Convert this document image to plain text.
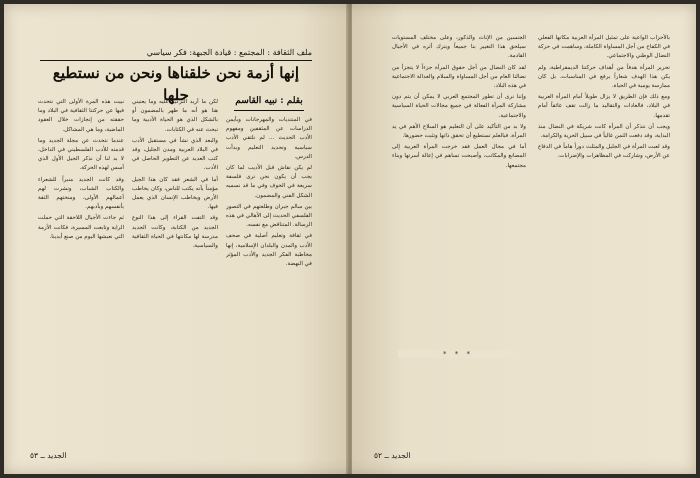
ملف الثقافة : المجتمع : قيادة الجبهة: فكر سياسي
إنها أزمة نحن خلقناها ونحن من نستطيع حلها	بقلم : نبيه القاسم

في المنتديات والمهرجانات وبأيمن الدراسات عن المثقفين ومفهوم الأدب الحديث ... لم نلتقي الأدب سياسية وتحديد التعليم وبدأت الدرس.

لم يكن نقاش قبل الأديب لما كان يجب أن يكون نحن نرى فلسفة سريعة في الخوف وفي ما قد نسميه الشكل الفني والمضمون.

بين سالم جبران وطلعتهم في التصور الفلسفي الحديث إلى الأهالي في هذه الرسالة. المتناقض مع نفسه.

في ثقافة وتعليم أصلية في صحف الأدب والمدن والبلدان الإسلامية، إنها مخاطبة الفكر الجديد والأدب المؤثر في النهضة.

لكن ما أريد التركيز عليه وما يعنيني هنا هو أنه ما ظهر بالمضمون أو بالشكل الذي هو الحياة الأدبية وما نبحث عنه في الكتابات.

والبعد الذي نشأ في مستقبل الأدب في البلاد العربية ومدن الجليل، وقد كتب العديد عن التطوير الحاصل في الأدب.

أما في الشعر فقد كان هذا الجيل مؤمناً بأنه يكتب للناس، وكان يخاطب الأرض ويخاطب الإنسان الذي يعمل فيها.

وقد التفت القراء إلى هذا النوع الجديد من الكتابة، وكانت الجديد مدرسة لها مكانتها في الحياة الثقافية والسياسية.

نبيت هذه المرة الأولى التي نتحدث فيها عن حركتنا الثقافية في البلاد وما حققته من إنجازات خلال العقود الماضية، وما هي المشاكل.

عندما نتحدث عن مجلة الجديد وما قدمته للأدب الفلسطيني في الداخل، لا بد لنا أن نذكر الجيل الأول الذي أسس لهذه الحركة.

وقد كانت الجديد منبراً للشعراء والكتاب الشباب، ونشرت لهم أعمالهم الأولى، ومنحتهم الثقة بأنفسهم وبأدبهم.

ثم جاءت الأجيال اللاحقة التي حملت الراية وتابعت المسيرة، فكانت الأزمة التي نعيشها اليوم من صنع أيدينا.

الجديد ــ ٥٣

بالأحزاب الواعية على تمثيل المرأة العربية مكانها الفعلي في الكفاح من أجل المساواة الكاملة، وساهمت في حركة النضال الوطني والاجتماعي.

تحرير المرأة هدفاً من أهداف حركتنا الديمقراطية، ولم يكن هذا الهدف شعاراً يرفع في المناسبات، بل كان ممارسة يومية في الحياة.

ومع ذلك فإن الطريق لا يزال طويلاً أمام المرأة العربية في البلاد، فالعادات والتقاليد ما زالت تقف عائقاً أمام تقدمها.

ويجب أن نتذكر أن المرأة كانت شريكة في النضال منذ البداية، وقد دفعت الثمن غالياً في سبيل الحرية والكرامة.

وقد لعبت المرأة في الجليل والمثلث دوراً هاماً في الدفاع عن الأرض، وشاركت في المظاهرات والإضرابات.

الجنسين من الإناث والذكور، وعلى مختلف المستويات سيلحق هذا التغيير بنا جميعاً ويترك أثره في الأجيال القادمة.

لقد كان النضال من أجل حقوق المرأة جزءاً لا يتجزأ من نضالنا العام من أجل المساواة والسلام والعدالة الاجتماعية في هذه البلاد.

وإننا نرى أن تطور المجتمع العربي لا يمكن أن يتم دون مشاركة المرأة الفعالة في جميع مجالات الحياة السياسية والاجتماعية.

ولا بد من التأكيد على أن التعليم هو السلاح الأهم في يد المرأة، فبالعلم تستطيع أن تحقق ذاتها وتثبت حضورها.

أما في مجال العمل فقد خرجت المرأة العربية إلى المصانع والمكاتب، وأصبحت تساهم في إعالة أسرتها وبناء مجتمعها.

* * *
الجديد ــ ٥٢
